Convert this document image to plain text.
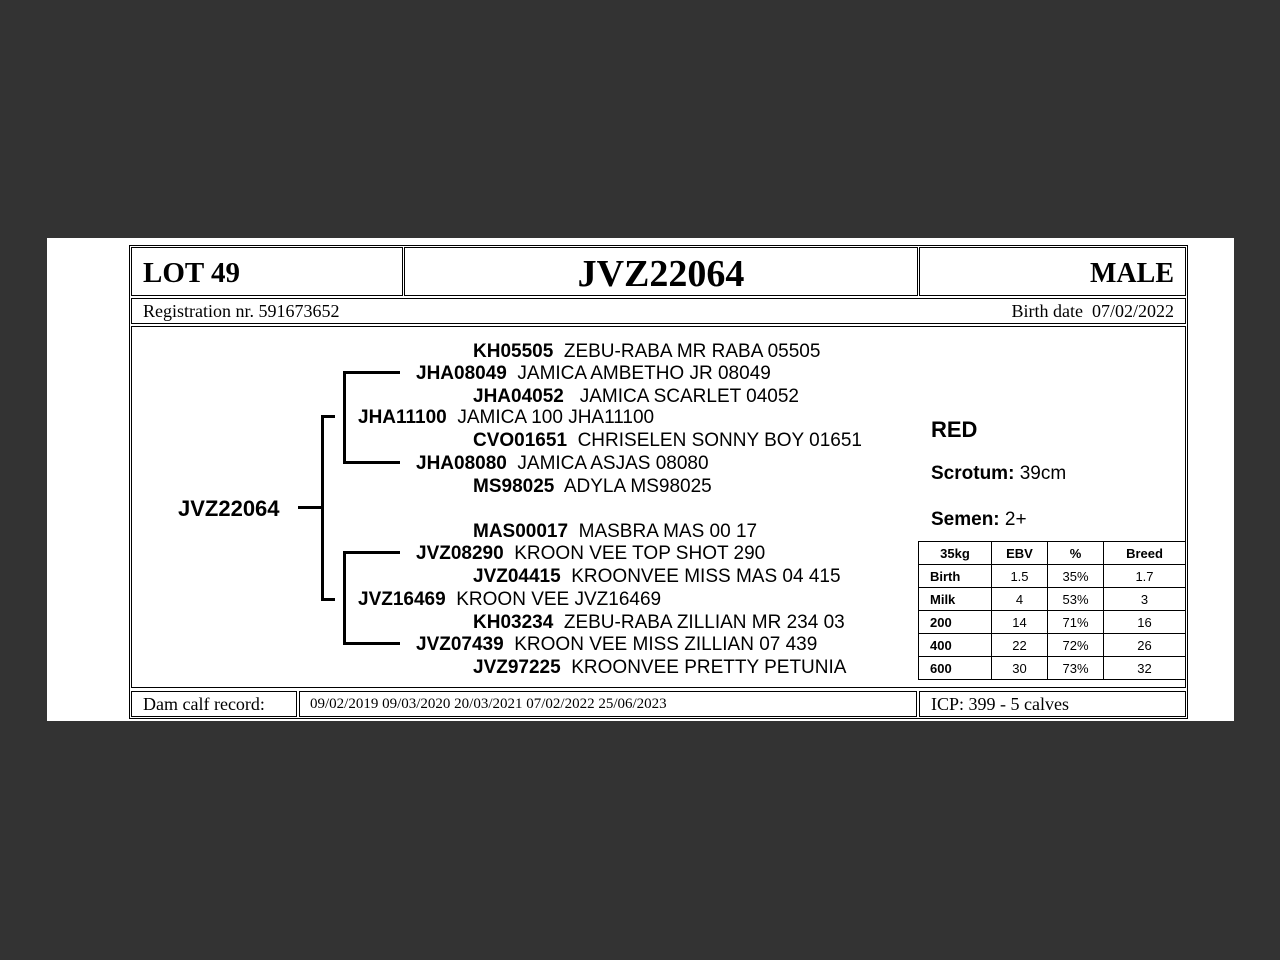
LOT 49	JVZ22064	MALE
Registration nr. 591673652	Birth date 07/02/2022
JVZ22064
KH05505 ZEBU-RABA MR RABA 05505
JHA08049 JAMICA AMBETHO JR 08049
JHA04052 JAMICA SCARLET 04052
JHA11100 JAMICA 100 JHA11100
CVO01651 CHRISELEN SONNY BOY 01651
JHA08080 JAMICA ASJAS 08080
MS98025 ADYLA MS98025
MAS00017 MASBRA MAS 00 17
JVZ08290 KROON VEE TOP SHOT 290
JVZ04415 KROONVEE MISS MAS 04 415
JVZ16469 KROON VEE JVZ16469
KH03234 ZEBU-RABA ZILLIAN MR 234 03
JVZ07439 KROON VEE MISS ZILLIAN 07 439
JVZ97225 KROONVEE PRETTY PETUNIA
RED
Scrotum: 39cm
Semen: 2+
35kg	EBV	%	Breed
Birth	1.5	35%	1.7
Milk	4	53%	3
200	14	71%	16
400	22	72%	26
600	30	73%	32
Dam calf record:	09/02/2019 09/03/2020 20/03/2021 07/02/2022 25/06/2023	ICP: 399 - 5 calves
